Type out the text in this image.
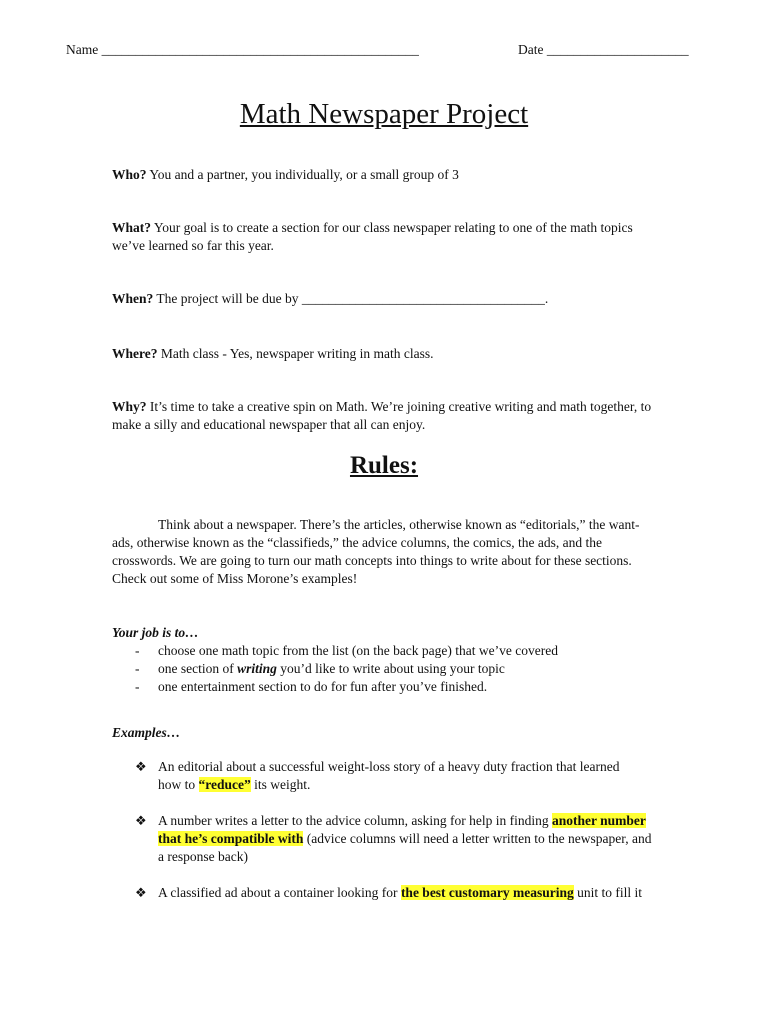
Name _______________________________________________	Date _____________________
Math Newspaper Project
Who? You and a partner, you individually, or a small group of 3
What? Your goal is to create a section for our class newspaper relating to one of the math topics we’ve learned so far this year.
When? The project will be due by ____________________________________.
Where? Math class - Yes, newspaper writing in math class.
Why? It’s time to take a creative spin on Math. We’re joining creative writing and math together, to make a silly and educational newspaper that all can enjoy.
Rules:
Think about a newspaper. There’s the articles, otherwise known as “editorials,” the want-ads, otherwise known as the “classifieds,” the advice columns, the comics, the ads, and the crosswords. We are going to turn our math concepts into things to write about for these sections. Check out some of Miss Morone’s examples!
Your job is to…
- choose one math topic from the list (on the back page) that we’ve covered
- one section of writing you’d like to write about using your topic
- one entertainment section to do for fun after you’ve finished.
Examples…
❖ An editorial about a successful weight-loss story of a heavy duty fraction that learned how to “reduce” its weight.
❖ A number writes a letter to the advice column, asking for help in finding another number that he’s compatible with (advice columns will need a letter written to the newspaper, and a response back)
❖ A classified ad about a container looking for the best customary measuring unit to fill it
